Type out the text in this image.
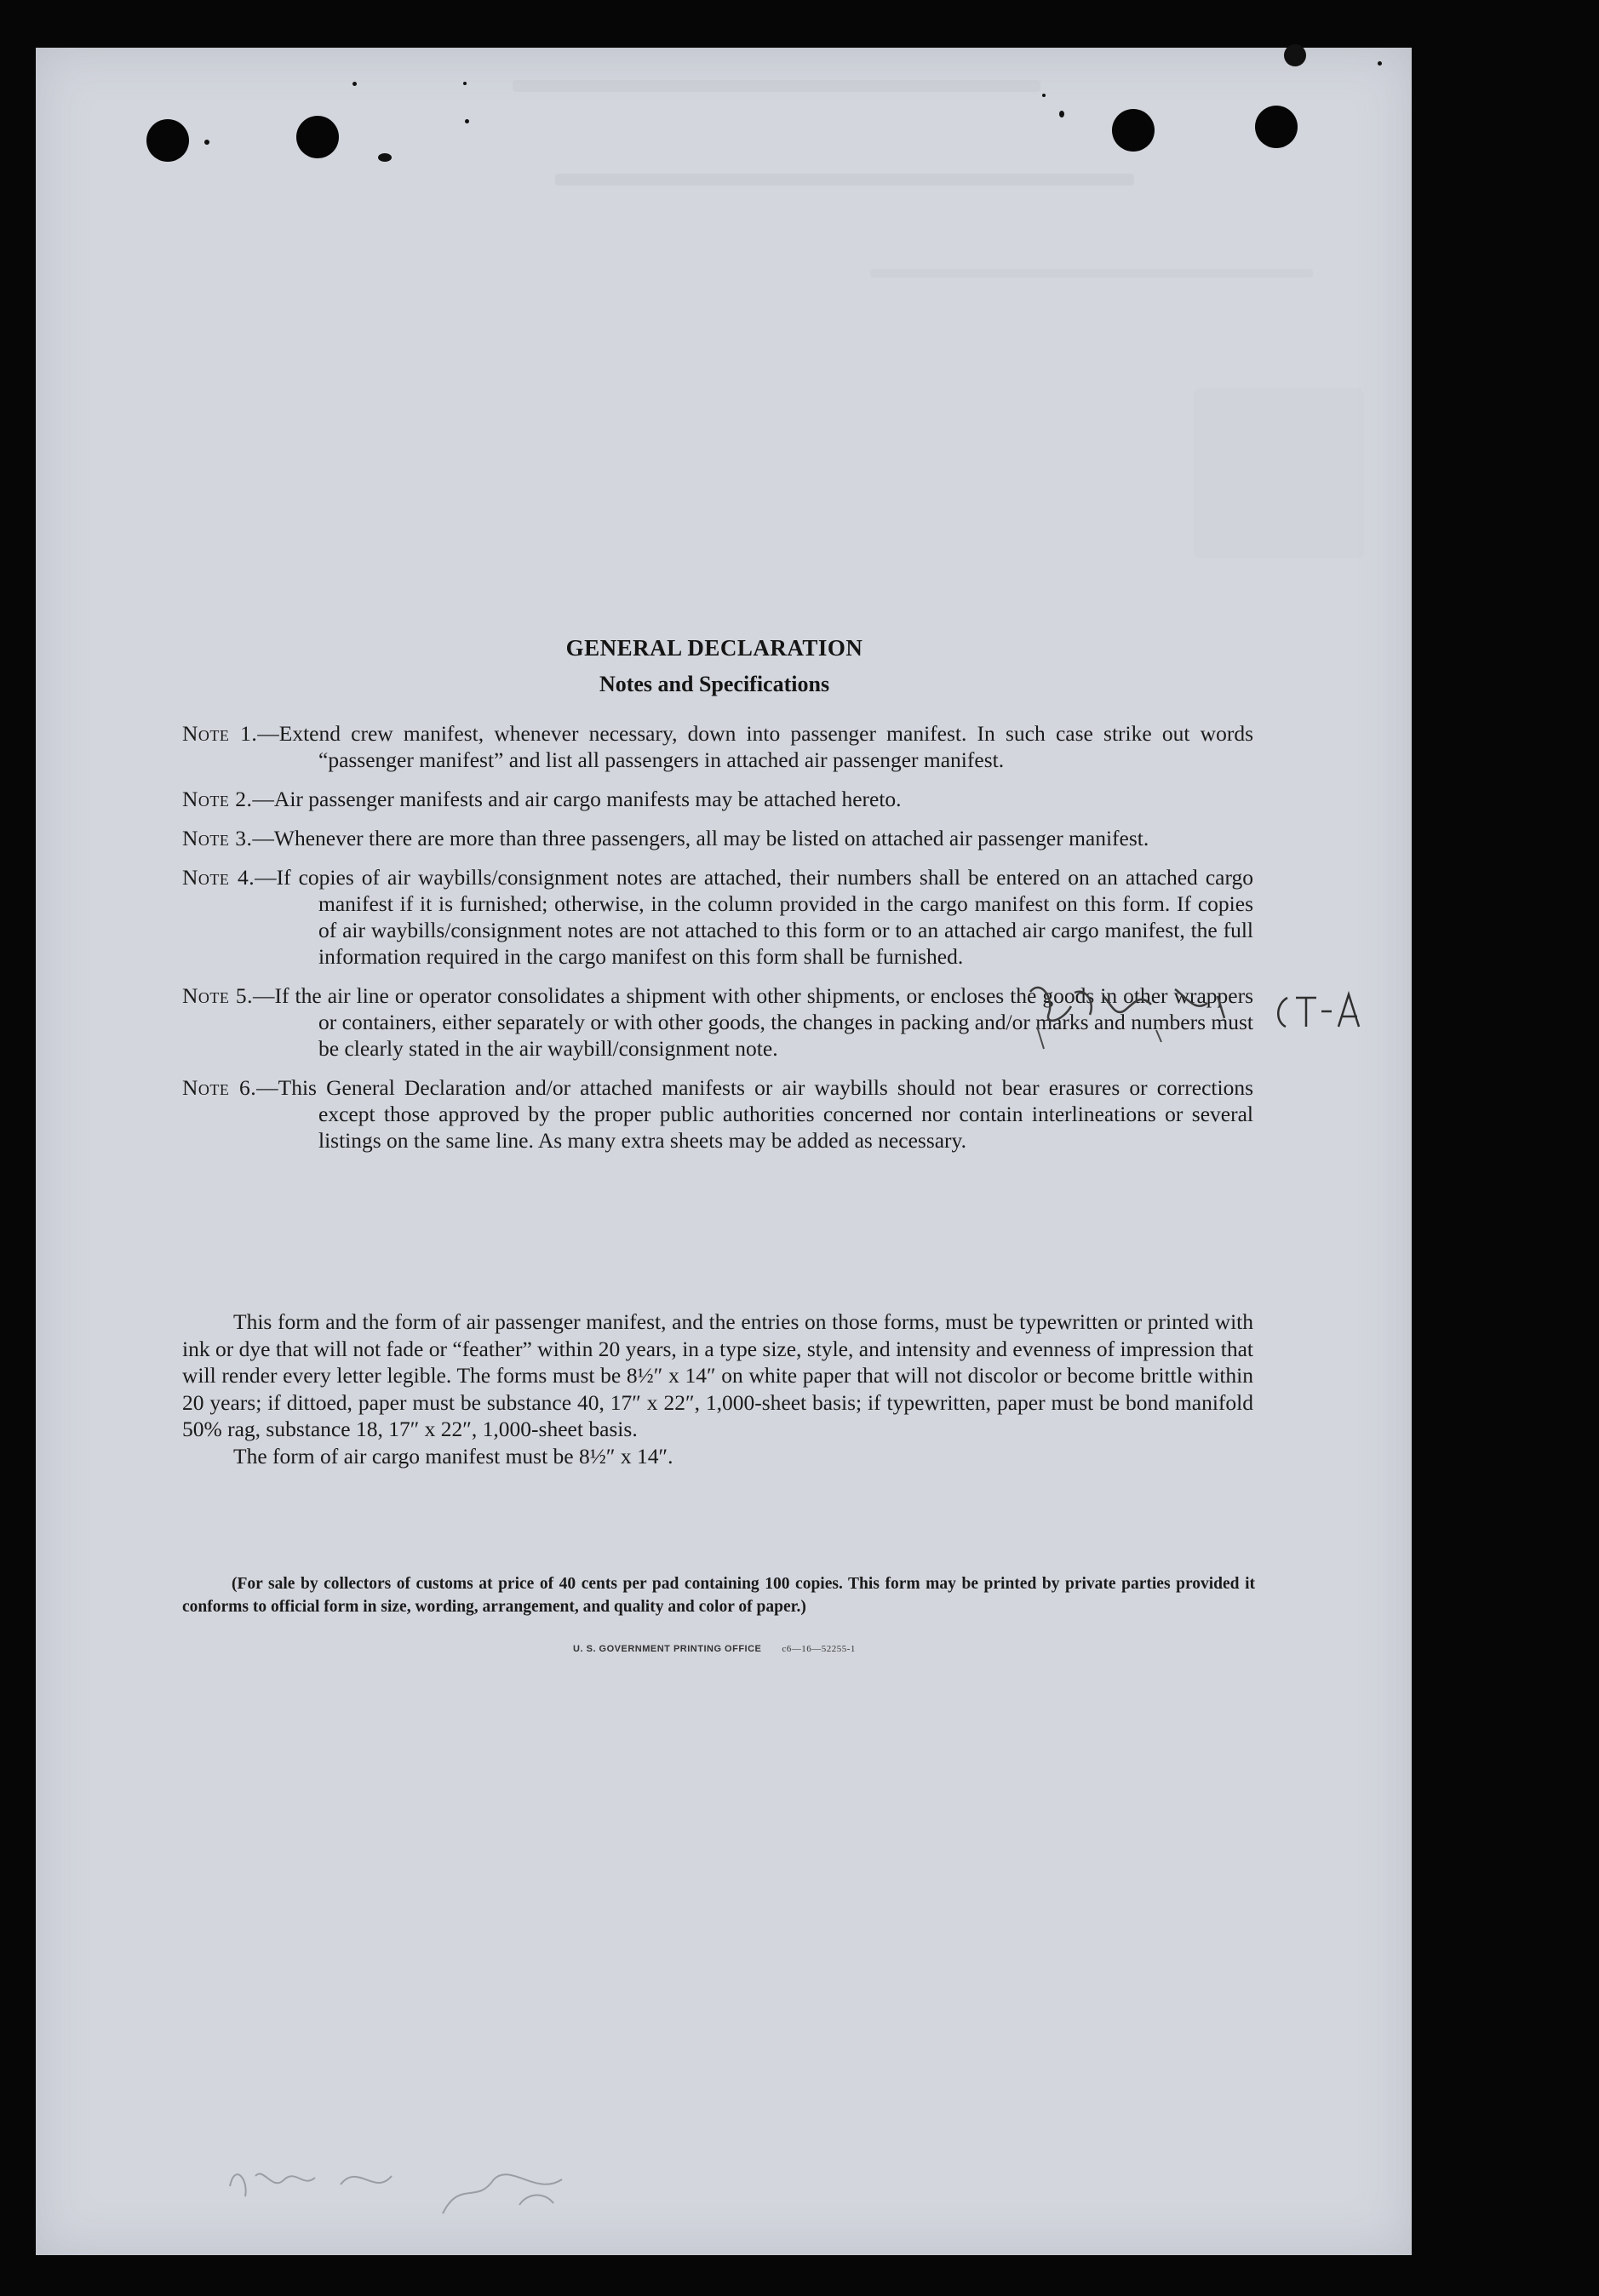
GENERAL DECLARATION
Notes and Specifications

Note 1.—Extend crew manifest, whenever necessary, down into passenger manifest. In such case strike out words “passenger manifest” and list all passengers in attached air passenger manifest.

Note 2.—Air passenger manifests and air cargo manifests may be attached hereto.

Note 3.—Whenever there are more than three passengers, all may be listed on attached air passenger manifest.

Note 4.—If copies of air waybills/consignment notes are attached, their numbers shall be entered on an attached cargo manifest if it is furnished; otherwise, in the column provided in the cargo manifest on this form. If copies of air waybills/consignment notes are not attached to this form or to an attached air cargo manifest, the full information required in the cargo manifest on this form shall be furnished.

Note 5.—If the air line or operator consolidates a shipment with other shipments, or encloses the goods in other wrappers or containers, either separately or with other goods, the changes in packing and/or marks and numbers must be clearly stated in the air waybill/consignment note.

Note 6.—This General Declaration and/or attached manifests or air waybills should not bear erasures or corrections except those approved by the proper public authorities concerned nor contain interlineations or several listings on the same line. As many extra sheets may be added as necessary.

This form and the form of air passenger manifest, and the entries on those forms, must be typewritten or printed with ink or dye that will not fade or “feather” within 20 years, in a type size, style, and intensity and evenness of impression that will render every letter legible. The forms must be 8½″ x 14″ on white paper that will not discolor or become brittle within 20 years; if dittoed, paper must be substance 40, 17″ x 22″, 1,000-sheet basis; if typewritten, paper must be bond manifold 50% rag, substance 18, 17″ x 22″, 1,000-sheet basis.

The form of air cargo manifest must be 8½″ x 14″.

(For sale by collectors of customs at price of 40 cents per pad containing 100 copies. This form may be printed by private parties provided it conforms to official form in size, wording, arrangement, and quality and color of paper.)

U. S. GOVERNMENT PRINTING OFFICE c6—16—52255-1
